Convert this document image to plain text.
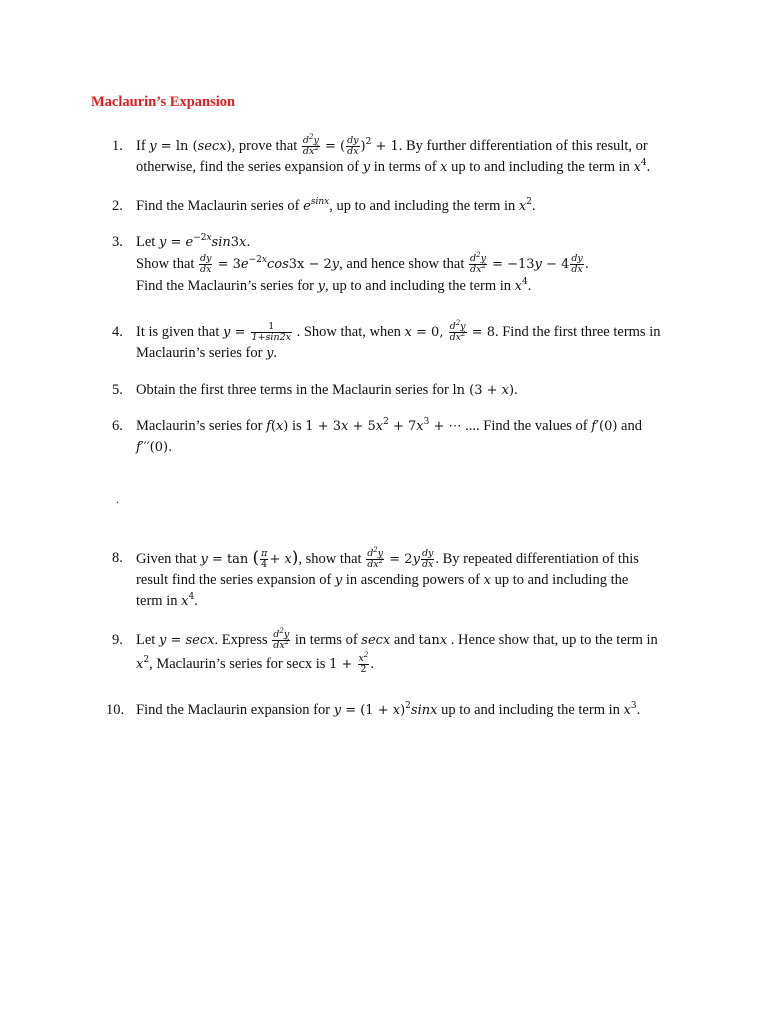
Maclaurin’s Expansion
1. If y = ln (secx), prove that $\frac{d^2y}{dx^2}$ = ( $\frac{dy}{dx} )^2 + 1$. By further differentiation of this result, or
otherwise, find the series expansion of y in terms of x up to and including the term in $x^4$.
2. Find the Maclaurin series of $e^{sinx}$, up to and including the term in $x^2$.
3. Let $y = e^{-2x}\sin 3x$.
Show that $\frac{dy}{dx} = 3e^{-2x}\cos 3x - 2y$, and hence show that $\frac{d^2y}{dx^2} = -13y - 4 \frac{dy}{dx}$ .
Find the Maclaurin’s series for y, up to and including the term in $x^4$.
4. It is given that $y = \frac{1}{1+\sin 2x}$ . Show that, when x = 0, $\frac{d^2y}{dx^2} = 8$. Find the first three terms in
Maclaurin’s series for y.
5. Obtain the first three terms in the Maclaurin series for ln (3 + x).
6. Maclaurin’s series for f(x) is $1 + 3x + 5x^2 + 7x^3$ + ⋯ .... Find the values of f′(0) and
f′′′(0).
.
8. Given that y = tan ( $\frac{\pi}{4} + x$), show that $\frac{d^2y}{dx^2} = 2y \frac{dy}{dx}$ . By repeated differentiation of this
result find the series expansion of y in ascending powers of x up to and including the
term in $x^4$.
9. Let y = secx. Express $\frac{d^2y}{dx^2}$ in terms of secx and tanx . Hence show that, up to the term in
$x^2$, Maclaurin’s series for secx is $1 + \frac{x^2}{2}$ .
10. Find the Maclaurin expansion for $y = (1 + x)^2\sin x$ up to and including the term in $x^3$.
